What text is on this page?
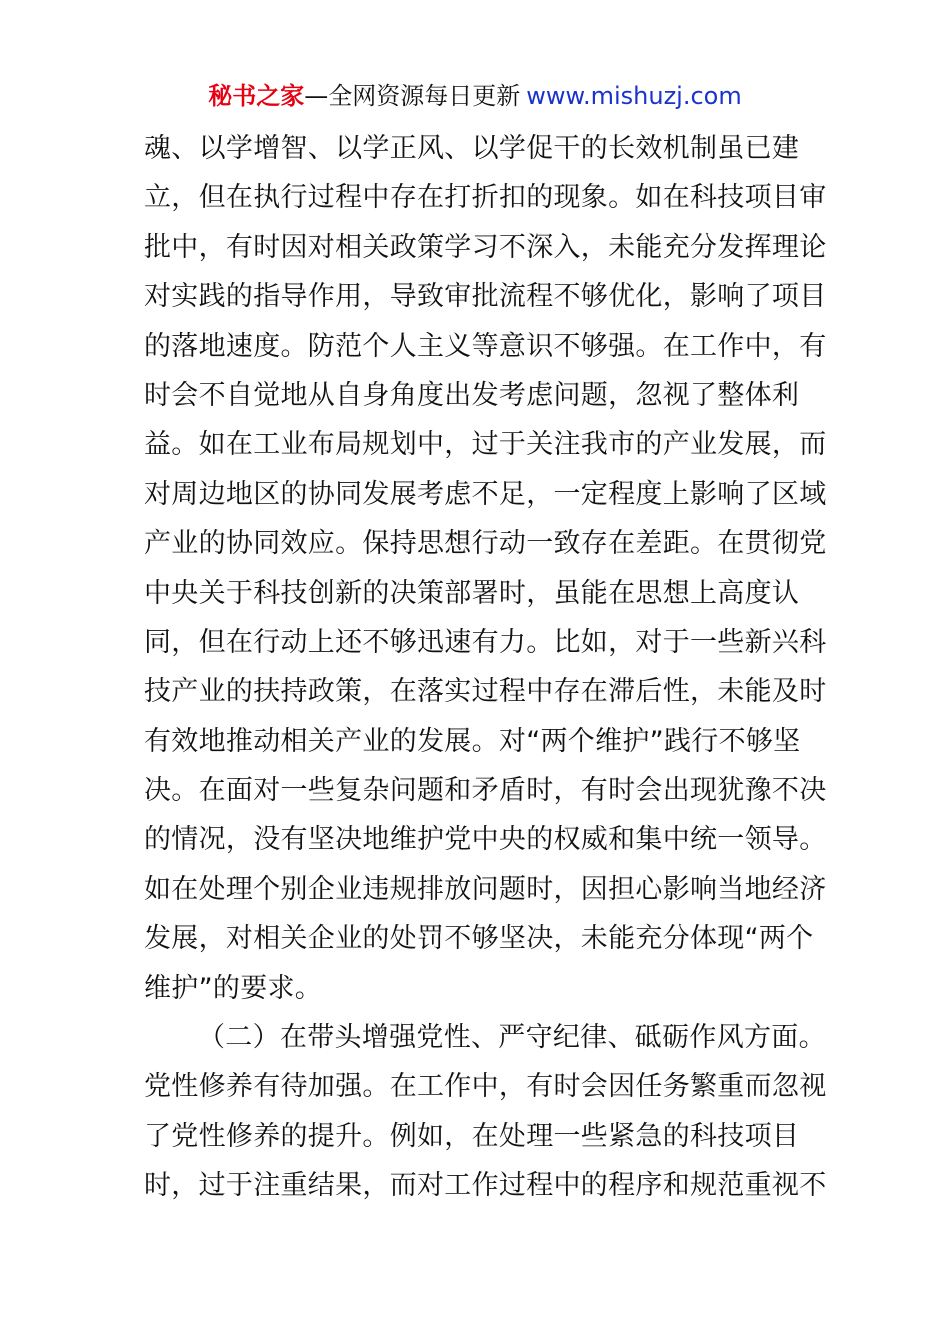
秘书之家—全网资源每日更新 www.mishuzj.com
魂、以学增智、以学正风、以学促干的长效机制虽已建
立，但在执行过程中存在打折扣的现象。如在科技项目审
批中，有时因对相关政策学习不深入，未能充分发挥理论
对实践的指导作用，导致审批流程不够优化，影响了项目
的落地速度。防范个人主义等意识不够强。在工作中，有
时会不自觉地从自身角度出发考虑问题，忽视了整体利
益。如在工业布局规划中，过于关注我市的产业发展，而
对周边地区的协同发展考虑不足，一定程度上影响了区域
产业的协同效应。保持思想行动一致存在差距。在贯彻党
中央关于科技创新的决策部署时，虽能在思想上高度认
同，但在行动上还不够迅速有力。比如，对于一些新兴科
技产业的扶持政策，在落实过程中存在滞后性，未能及时
有效地推动相关产业的发展。对“两个维护”践行不够坚
决。在面对一些复杂问题和矛盾时，有时会出现犹豫不决
的情况，没有坚决地维护党中央的权威和集中统一领导。
如在处理个别企业违规排放问题时，因担心影响当地经济
发展，对相关企业的处罚不够坚决，未能充分体现“两个
维护”的要求。
（二）在带头增强党性、严守纪律、砥砺作风方面。
党性修养有待加强。在工作中，有时会因任务繁重而忽视
了党性修养的提升。例如，在处理一些紧急的科技项目
时，过于注重结果，而对工作过程中的程序和规范重视不
